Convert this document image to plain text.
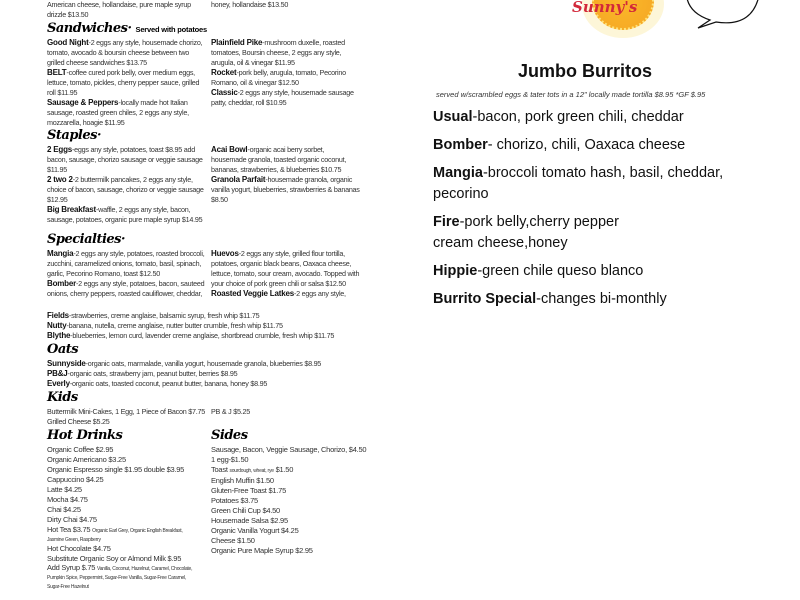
American cheese, hollandaise, pure maple syrup drizzle $13.50
honey, hollandaise $13.50
Sandwiches· Served with potatoes
Good Night-2 eggs any style, housemade chorizo, tomato, avocado & boursin cheese between two grilled cheese sandwiches $13.75
BELT-coffee cured pork belly, over medium eggs, lettuce, tomato, pickles, cherry pepper sauce, grilled roll $11.95
Sausage & Peppers-locally made hot Italian sausage, roasted green chiles, 2 eggs any style, mozzarella, hoagie $11.95
Plainfield Pike-mushroom duxelle, roasted tomatoes, Boursin cheese, 2 eggs any style, arugula, oil & vinegar $11.95
Rocket-pork belly, arugula, tomato, Pecorino Romano, oil & vinegar $12.50
Classic-2 eggs any style, housemade sausage patty, cheddar, roll $10.95
Staples·
2 Eggs-eggs any style, potatoes, toast $8.95 add bacon, sausage, chorizo sausage or veggie sausage $11.95
2 two 2-2 buttermilk pancakes, 2 eggs any style, choice of bacon, sausage, chorizo or veggie sausage $12.95
Big Breakfast-waffle, 2 eggs any style, bacon, sausage, potatoes, organic pure maple syrup $14.95
Acai Bowl-organic acai berry sorbet, housemade granola, toasted organic coconut, bananas, strawberries, & blueberries $10.75
Granola Parfait-housemade granola, organic vanilla yogurt, blueberries, strawberries & bananas $8.50
Specialties·
Mangia-2 eggs any style, potatoes, roasted broccoli, zucchini, caramelized onions, tomato, basil, spinach, garlic, Pecorino Romano, toast $12.50
Bomber-2 eggs any style, potatoes, bacon, sauteed onions, cherry peppers, roasted cauliflower, cheddar,
Huevos-2 eggs any style, grilled flour tortilla, potatoes, organic black beans, Oaxaca cheese, lettuce, tomato, sour cream, avocado. Topped with your choice of pork green chili or salsa $12.50
Roasted Veggie Latkes-2 eggs any style,
Fields-strawberries, creme anglaise, balsamic syrup, fresh whip $11.75
Nutty-banana, nutella, creme anglaise, nutter butter crumble, fresh whip $11.75
Blythe-blueberries, lemon curd, lavender creme anglaise, shortbread crumble, fresh whip $11.75
Oats
Sunnyside-organic oats, marmalade, vanilla yogurt, housemade granola, blueberries $8.95
PB&J-organic oats, strawberry jam, peanut butter, berries $8.95
Everly-organic oats, toasted coconut, peanut butter, banana, honey $8.95
Kids
Buttermilk Mini-Cakes, 1 Egg, 1 Piece of Bacon $7.75
Grilled Cheese $5.25
PB & J $5.25
Hot Drinks
Organic Coffee $2.95
Organic Americano $3.25
Organic Espresso single $1.95 double $3.95
Cappuccino $4.25
Latte $4.25
Mocha $4.75
Chai $4.25
Dirty Chai $4.75
Hot Tea $3.75 Organic Earl Grey, Organic English Breakfast, Jasmine Green, Raspberry
Hot Chocolate $4.75
Substitute Organic Soy or Almond Milk $.95
Add Syrup $.75 Vanilla, Coconut, Hazelnut, Caramel, Chocolate, Pumpkin Spice, Peppermint, Sugar-Free Vanilla, Sugar-Free Caramel, Sugar-Free Hazelnut
Sides
Sausage, Bacon, Veggie Sausage, Chorizo, $4.50
1 egg-$1.50
Toast sourdough, wheat, rye $1.50
English Muffin $1.50
Gluten-Free Toast $1.75
Potatoes $3.75
Green Chili Cup $4.50
Housemade Salsa $2.95
Organic Vanilla Yogurt $4.25
Cheese $1.50
Organic Pure Maple Syrup $2.95
Sunny's
Jumbo Burritos
served w/scrambled eggs & tater tots in a 12" locally made tortilla $8.95 *GF $.95
Usual-bacon, pork green chili, cheddar
Bomber- chorizo, chili, Oaxaca cheese
Mangia-broccoli tomato hash, basil, cheddar, pecorino
Fire-pork belly,cherry pepper cream cheese,honey
Hippie-green chile queso blanco
Burrito Special-changes bi-monthly
